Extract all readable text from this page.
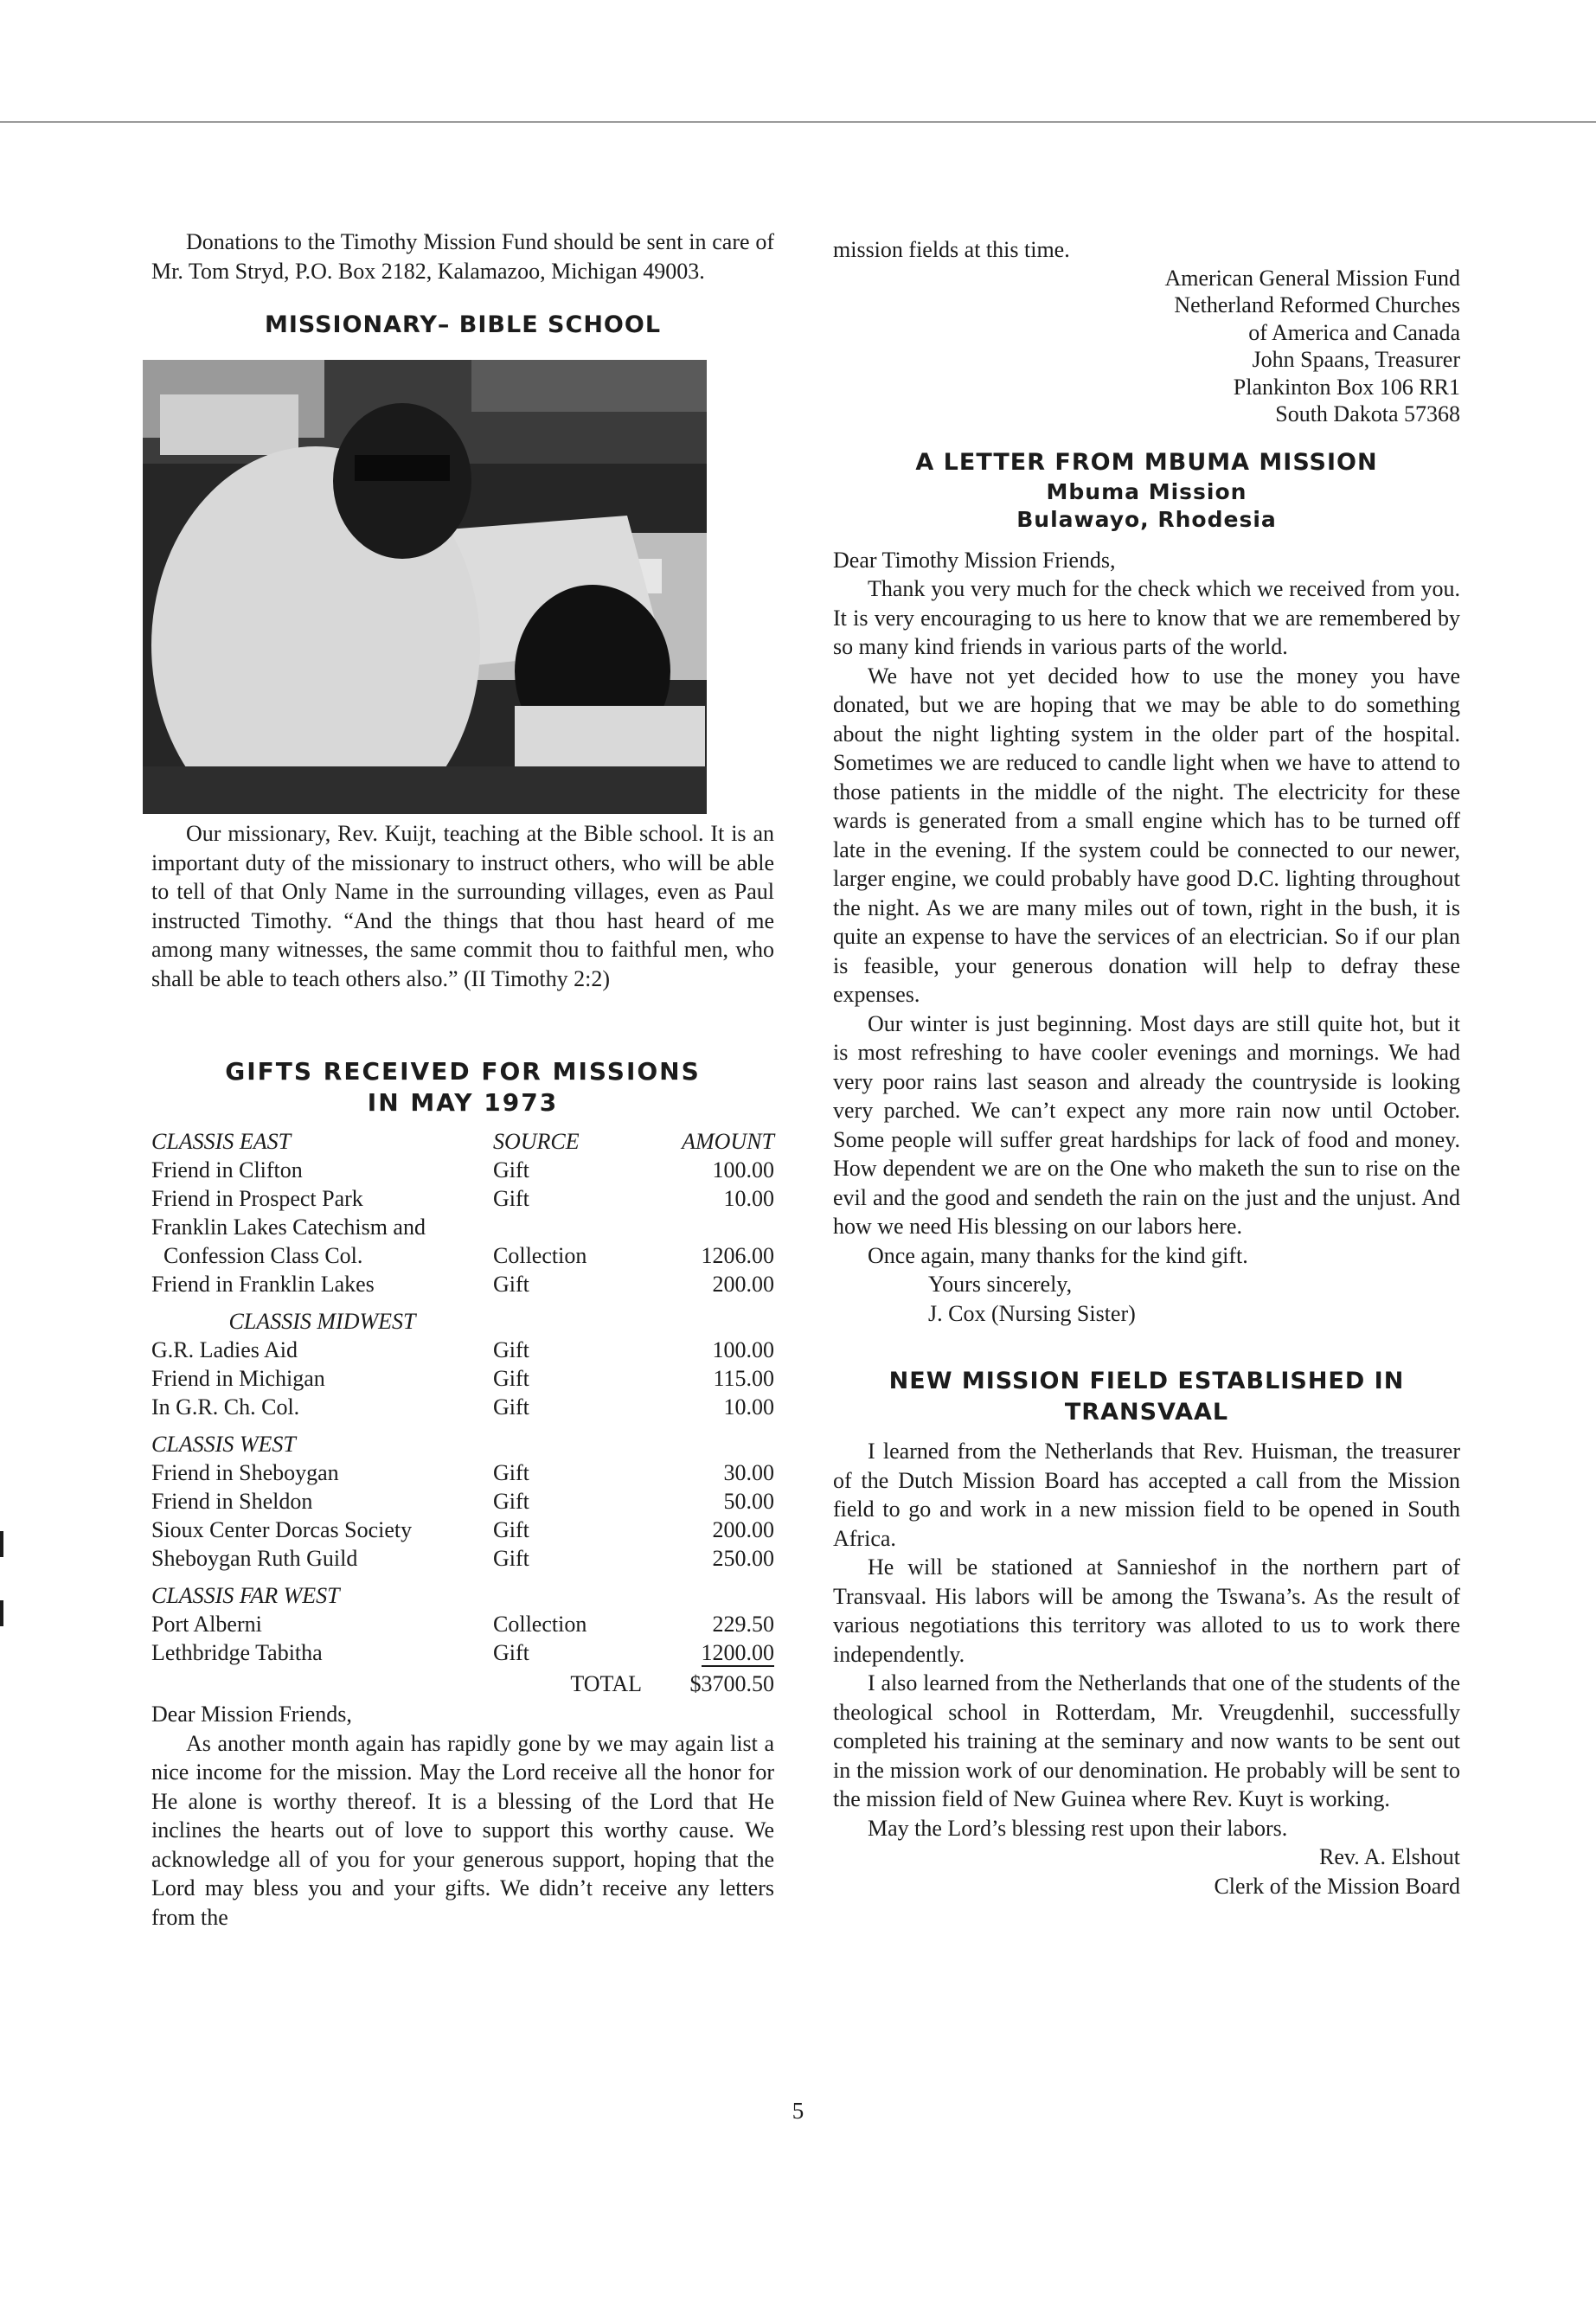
Donations to the Timothy Mission Fund should be sent in care of Mr. Tom Stryd, P.O. Box 2182, Kalamazoo, Michigan 49003.

MISSIONARY– BIBLE SCHOOL

Our missionary, Rev. Kuijt, teaching at the Bible school. It is an important duty of the missionary to instruct others, who will be able to tell of that Only Name in the surrounding villages, even as Paul instructed Timothy. “And the things that thou hast heard of me among many witnesses, the same commit thou to faithful men, who shall be able to teach others also.” (II Timothy 2:2)

GIFTS RECEIVED FOR MISSIONS
IN MAY 1973
CLASSIS EAST	SOURCE	AMOUNT
Friend in Clifton	Gift	100.00
Friend in Prospect Park	Gift	10.00
Franklin Lakes Catechism and		
Confession Class Col.	Collection	1206.00
Friend in Franklin Lakes	Gift	200.00
CLASSIS MIDWEST		
G.R. Ladies Aid	Gift	100.00
Friend in Michigan	Gift	115.00
In G.R. Ch. Col.	Gift	10.00
CLASSIS WEST		
Friend in Sheboygan	Gift	30.00
Friend in Sheldon	Gift	50.00
Sioux Center Dorcas Society	Gift	200.00
Sheboygan Ruth Guild	Gift	250.00
CLASSIS FAR WEST		
Port Alberni	Collection	229.50
Lethbridge Tabitha	Gift	1200.00
	TOTAL	$3700.50

Dear Mission Friends,

As another month again has rapidly gone by we may again list a nice income for the mission. May the Lord receive all the honor for He alone is worthy thereof. It is a blessing of the Lord that He inclines the hearts out of love to support this worthy cause. We acknowledge all of you for your generous support, hoping that the Lord may bless you and your gifts. We didn’t receive any letters from the

mission fields at this time.

American General Mission Fund
Netherland Reformed Churches
of America and Canada
John Spaans, Treasurer
Plankinton Box 106 RR1
South Dakota 57368
A LETTER FROM MBUMA MISSION
Mbuma Mission
Bulawayo, Rhodesia

Dear Timothy Mission Friends,

Thank you very much for the check which we received from you. It is very encouraging to us here to know that we are remembered by so many kind friends in various parts of the world.

We have not yet decided how to use the money you have donated, but we are hoping that we may be able to do something about the night lighting system in the older part of the hospital. Sometimes we are reduced to candle light when we have to attend to those patients in the middle of the night. The electricity for these wards is generated from a small engine which has to be turned off late in the evening. If the system could be connected to our newer, larger engine, we could probably have good D.C. lighting throughout the night. As we are many miles out of town, right in the bush, it is quite an expense to have the services of an electrician. So if our plan is feasible, your generous donation will help to defray these expenses.

Our winter is just beginning. Most days are still quite hot, but it is most refreshing to have cooler evenings and mornings. We had very poor rains last season and already the countryside is looking very parched. We can’t expect any more rain now until October. Some people will suffer great hardships for lack of food and money. How dependent we are on the One who maketh the sun to rise on the evil and the good and sendeth the rain on the just and the unjust. And how we need His blessing on our labors here.

Once again, many thanks for the kind gift.

Yours sincerely,

J. Cox (Nursing Sister)

NEW MISSION FIELD ESTABLISHED IN TRANSVAAL

I learned from the Netherlands that Rev. Huisman, the treasurer of the Dutch Mission Board has accepted a call from the Mission field to go and work in a new mission field to be opened in South Africa.

He will be stationed at Sannieshof in the northern part of Transvaal. His labors will be among the Tswana’s. As the result of various negotiations this territory was alloted to us to work there independently.

I also learned from the Netherlands that one of the students of the theological school in Rotterdam, Mr. Vreugdenhil, successfully completed his training at the seminary and now wants to be sent out in the mission work of our denomination. He probably will be sent to the mission field of New Guinea where Rev. Kuyt is working.

May the Lord’s blessing rest upon their labors.

Rev. A. Elshout

Clerk of the Mission Board

5
